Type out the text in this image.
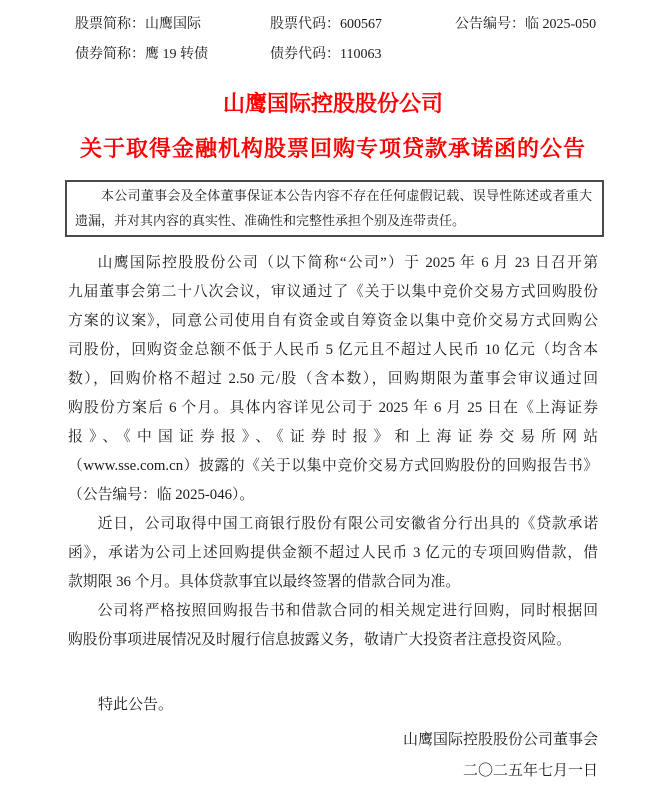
股票简称：山鹰国际	股票代码：600567	公告编号：临 2025-050
债券简称：鹰 19 转债	债券代码：110063
山鹰国际控股股份公司
关于取得金融机构股票回购专项贷款承诺函的公告
本公司董事会及全体董事保证本公告内容不存在任何虚假记载、误导性陈述或者重大
遗漏，并对其内容的真实性、准确性和完整性承担个别及连带责任。
山鹰国际控股股份公司（以下简称“公司”）于 2025 年 6 月 23 日召开第
九届董事会第二十八次会议，审议通过了《关于以集中竞价交易方式回购股份
方案的议案》，同意公司使用自有资金或自筹资金以集中竞价交易方式回购公
司股份，回购资金总额不低于人民币 5 亿元且不超过人民币 10 亿元（均含本
数），回购价格不超过 2.50 元/股（含本数），回购期限为董事会审议通过回
购股份方案后 6 个月。具体内容详见公司于 2025 年 6 月 25 日在《上海证券
报》、《中国证券报》、《证券时报》和上海证券交易所网站
（www.sse.com.cn）披露的《关于以集中竞价交易方式回购股份的回购报告书》
（公告编号：临 2025-046）。
近日，公司取得中国工商银行股份有限公司安徽省分行出具的《贷款承诺
函》，承诺为公司上述回购提供金额不超过人民币 3 亿元的专项回购借款，借
款期限 36 个月。具体贷款事宜以最终签署的借款合同为准。
公司将严格按照回购报告书和借款合同的相关规定进行回购，同时根据回
购股份事项进展情况及时履行信息披露义务，敬请广大投资者注意投资风险。
特此公告。
山鹰国际控股股份公司董事会
二〇二五年七月一日
